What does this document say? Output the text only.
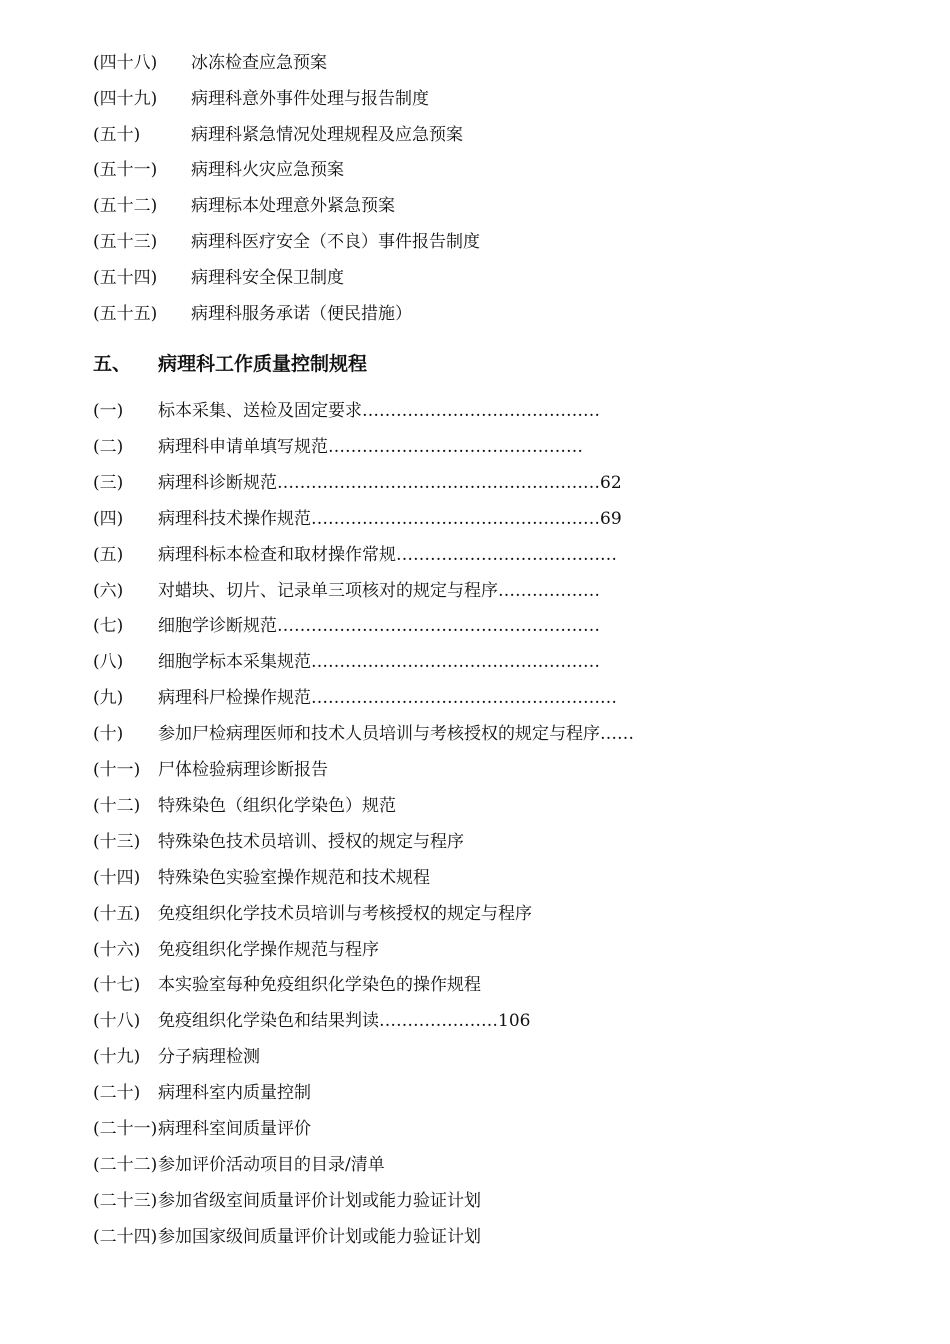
(四十八) 冰冻检查应急预案
(四十九) 病理科意外事件处理与报告制度
(五十)	病理科紧急情况处理规程及应急预案
(五十一) 病理科火灾应急预案
(五十二) 病理标本处理意外紧急预案
(五十三) 病理科医疗安全（不良）事件报告制度
(五十四) 病理科安全保卫制度
(五十五) 病理科服务承诺（便民措施）
五、 病理科工作质量控制规程
(一) 标本采集、送检及固定要求……………………………………
(二) 病理科申请单填写规范………………………………………
(三) 病理科诊断规范…………………………………………………62
(四) 病理科技术操作规范……………………………………………69
(五) 病理科标本检查和取材操作常规…………………………………
(六) 对蜡块、切片、记录单三项核对的规定与程序………………
(七) 细胞学诊断规范…………………………………………………
(八) 细胞学标本采集规范……………………………………………
(九) 病理科尸检操作规范………………………………………………
(十) 参加尸检病理医师和技术人员培训与考核授权的规定与程序……
(十一) 尸体检验病理诊断报告
(十二) 特殊染色（组织化学染色）规范
(十三) 特殊染色技术员培训、授权的规定与程序
(十四) 特殊染色实验室操作规范和技术规程
(十五) 免疫组织化学技术员培训与考核授权的规定与程序
(十六) 免疫组织化学操作规范与程序
(十七) 本实验室每种免疫组织化学染色的操作规程
(十八) 免疫组织化学染色和结果判读…………………106
(十九) 分子病理检测
(二十) 病理科室内质量控制
(二十一) 病理科室间质量评价
(二十二) 参加评价活动项目的目录/清单
(二十三) 参加省级室间质量评价计划或能力验证计划
(二十四) 参加国家级间质量评价计划或能力验证计划
